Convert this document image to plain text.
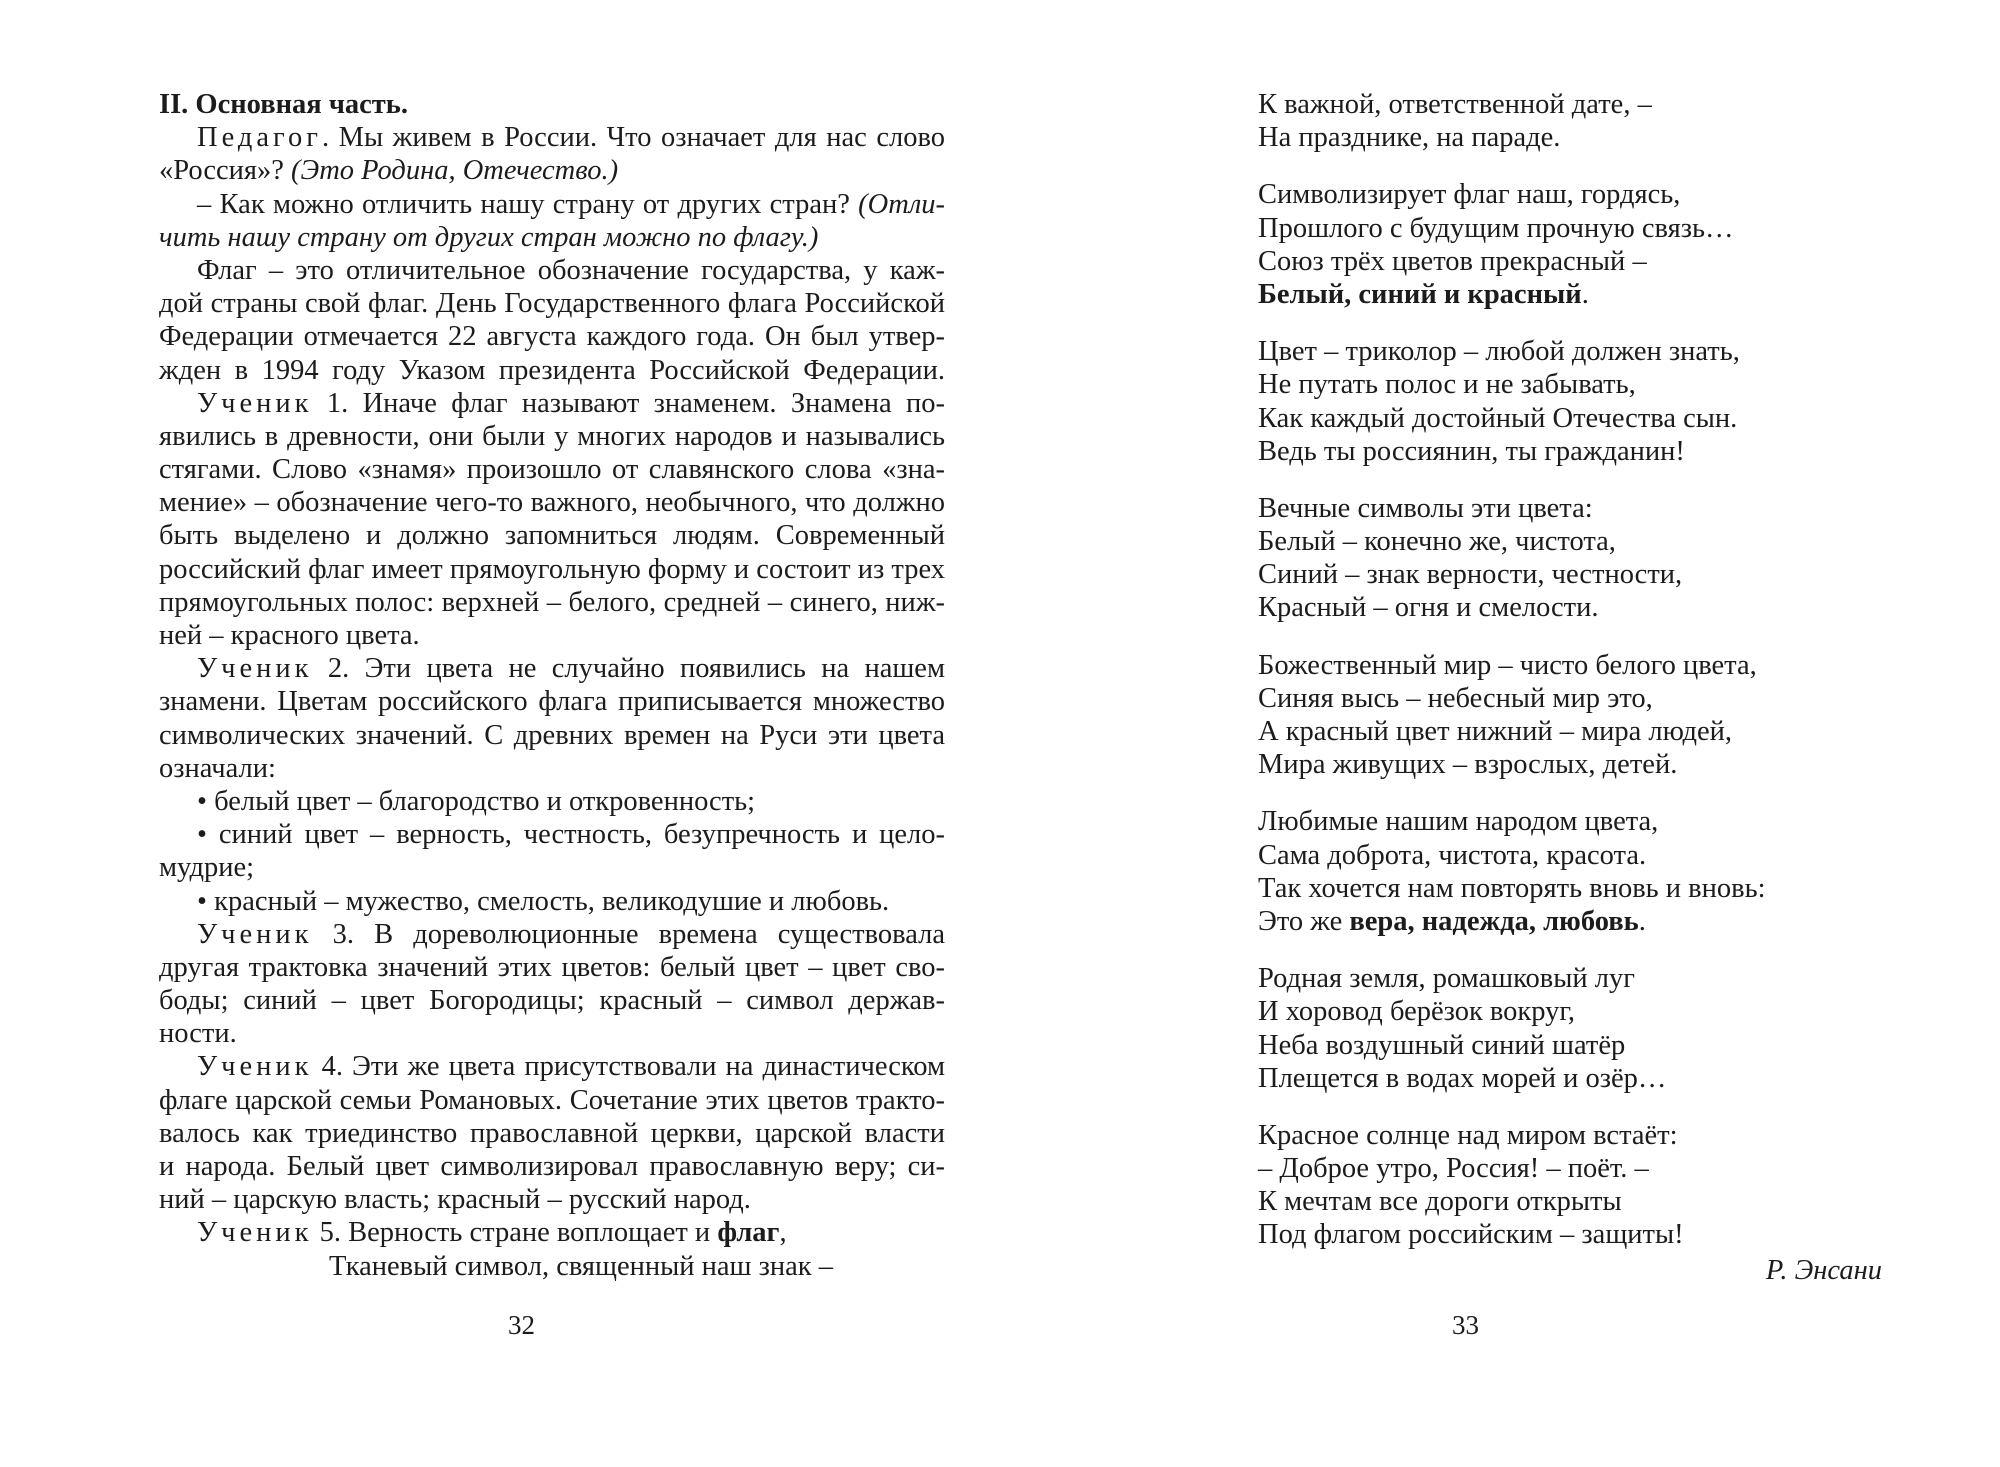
II. Основная часть.
Педагог. Мы живем в России. Что означает для нас слово
«Россия»? (Это Родина, Отечество.)
– Как можно отличить нашу страну от других стран? (Отли-
чить нашу страну от других стран можно по флагу.)
Флаг – это отличительное обозначение государства, у каж-
дой страны свой флаг. День Государственного флага Российской
Федерации отмечается 22 августа каждого года. Он был утвер-
жден в 1994 году Указом президента Российской Федерации.
Ученик 1. Иначе флаг называют знаменем. Знамена по-
явились в древности, они были у многих народов и назывались
стягами. Слово «знамя» произошло от славянского слова «зна-
мение» – обозначение чего-то важного, необычного, что должно
быть выделено и должно запомниться людям. Современный
российский флаг имеет прямоугольную форму и состоит из трех
прямоугольных полос: верхней – белого, средней – синего, ниж-
ней – красного цвета.
Ученик 2. Эти цвета не случайно появились на нашем
знамени. Цветам российского флага приписывается множество
символических значений. С древних времен на Руси эти цвета
означали:
• белый цвет – благородство и откровенность;
• синий цвет – верность, честность, безупречность и цело-
мудрие;
• красный – мужество, смелость, великодушие и любовь.
Ученик 3. В дореволюционные времена существовала
другая трактовка значений этих цветов: белый цвет – цвет сво-
боды; синий – цвет Богородицы; красный – символ держав-
ности.
Ученик 4. Эти же цвета присутствовали на династическом
флаге царской семьи Романовых. Сочетание этих цветов тракто-
валось как триединство православной церкви, царской власти
и народа. Белый цвет символизировал православную веру; си-
ний – царскую власть; красный – русский народ.
Ученик 5. Верность стране воплощает и флаг,
Тканевый символ, священный наш знак –
32
К важной, ответственной дате, –
На празднике, на параде.
Символизирует флаг наш, гордясь,
Прошлого с будущим прочную связь…
Союз трёх цветов прекрасный –
Белый, синий и красный.
Цвет – триколор – любой должен знать,
Не путать полос и не забывать,
Как каждый достойный Отечества сын.
Ведь ты россиянин, ты гражданин!
Вечные символы эти цвета:
Белый – конечно же, чистота,
Синий – знак верности, честности,
Красный – огня и смелости.
Божественный мир – чисто белого цвета,
Синяя высь – небесный мир это,
А красный цвет нижний – мира людей,
Мира живущих – взрослых, детей.
Любимые нашим народом цвета,
Сама доброта, чистота, красота.
Так хочется нам повторять вновь и вновь:
Это же вера, надежда, любовь.
Родная земля, ромашковый луг
И хоровод берёзок вокруг,
Неба воздушный синий шатёр
Плещется в водах морей и озёр…
Красное солнце над миром встаёт:
– Доброе утро, Россия! – поёт. –
К мечтам все дороги открыты
Под флагом российским – защиты!
Р. Энсани
33
